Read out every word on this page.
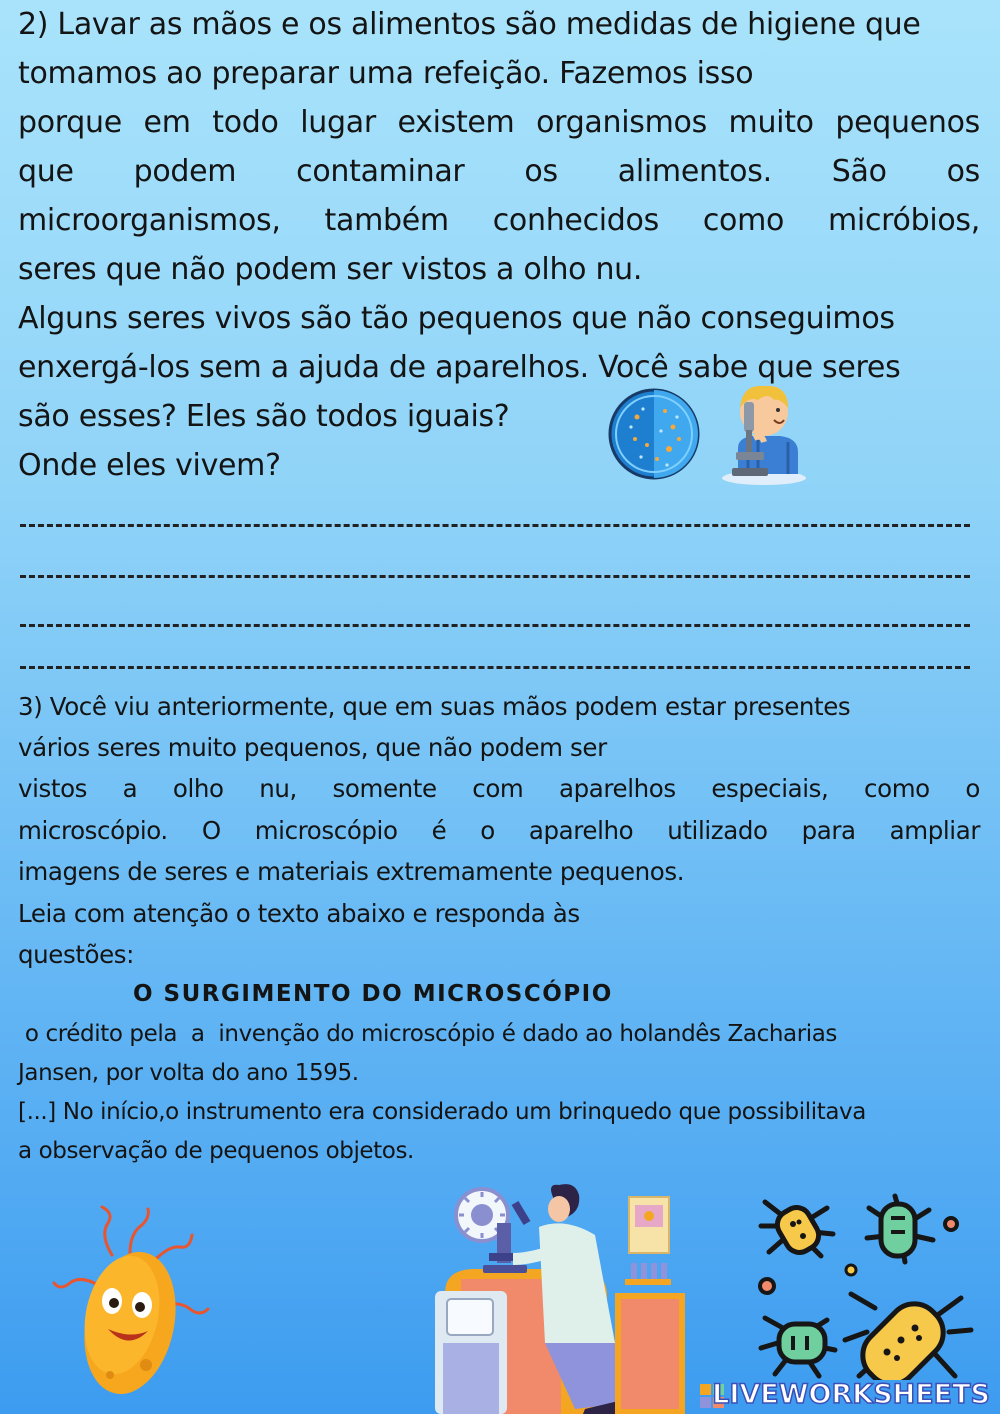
2) Lavar as mãos e os alimentos são medidas de higiene que
tomamos ao preparar uma refeição. Fazemos isso
porque em todo lugar existem organismos muito pequenos
que podem contaminar os alimentos. São os
microorganismos, também conhecidos como micróbios,
seres que não podem ser vistos a olho nu.
Alguns seres vivos são tão pequenos que não conseguimos
enxergá-los sem a ajuda de aparelhos. Você sabe que seres
são esses? Eles são todos iguais?
Onde eles vivem?
3) Você viu anteriormente, que em suas mãos podem estar presentes
vários seres muito pequenos, que não podem ser
vistos a olho nu, somente com aparelhos especiais, como o
microscópio. O microscópio é o aparelho utilizado para ampliar
imagens de seres e materiais extremamente pequenos.
Leia com atenção o texto abaixo e responda às
questões:
O SURGIMENTO DO MICROSCÓPIO
o crédito pela  a  invenção do microscópio é dado ao holandês Zacharias
Jansen, por volta do ano 1595.
[...] No início,o instrumento era considerado um brinquedo que possibilitava
a observação de pequenos objetos.
LIVEWORKSHEETS
